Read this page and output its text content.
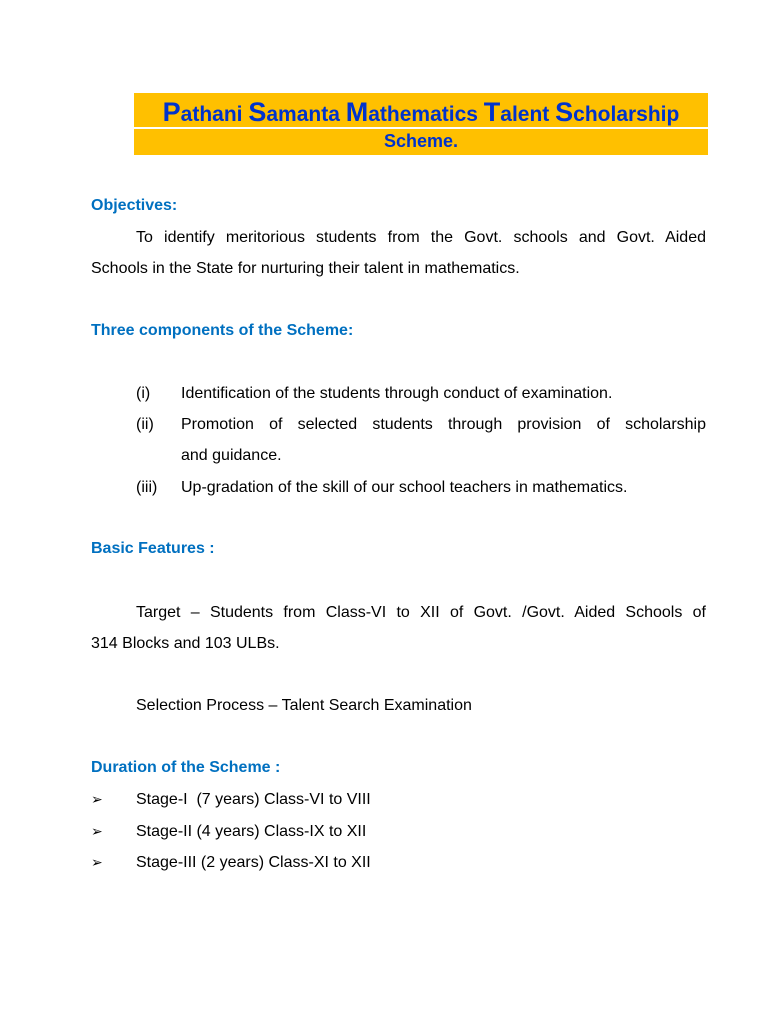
Pathani Samanta Mathematics Talent Scholarship
Scheme.
Objectives:
To identify meritorious students from the Govt. schools and Govt. Aided
Schools in the State for nurturing their talent in mathematics.
Three components of the Scheme:
(i) Identification of the students through conduct of examination.
(ii) Promotion of selected students through provision of scholarship
and guidance.
(iii) Up-gradation of the skill of our school teachers in mathematics.
Basic Features :
Target – Students from Class-VI to XII of Govt. /Govt. Aided Schools of
314 Blocks and 103 ULBs.
Selection Process – Talent Search Examination
Duration of the Scheme :
➢ Stage-I  (7 years) Class-VI to VIII
➢ Stage-II (4 years) Class-IX to XII
➢ Stage-III (2 years) Class-XI to XII
